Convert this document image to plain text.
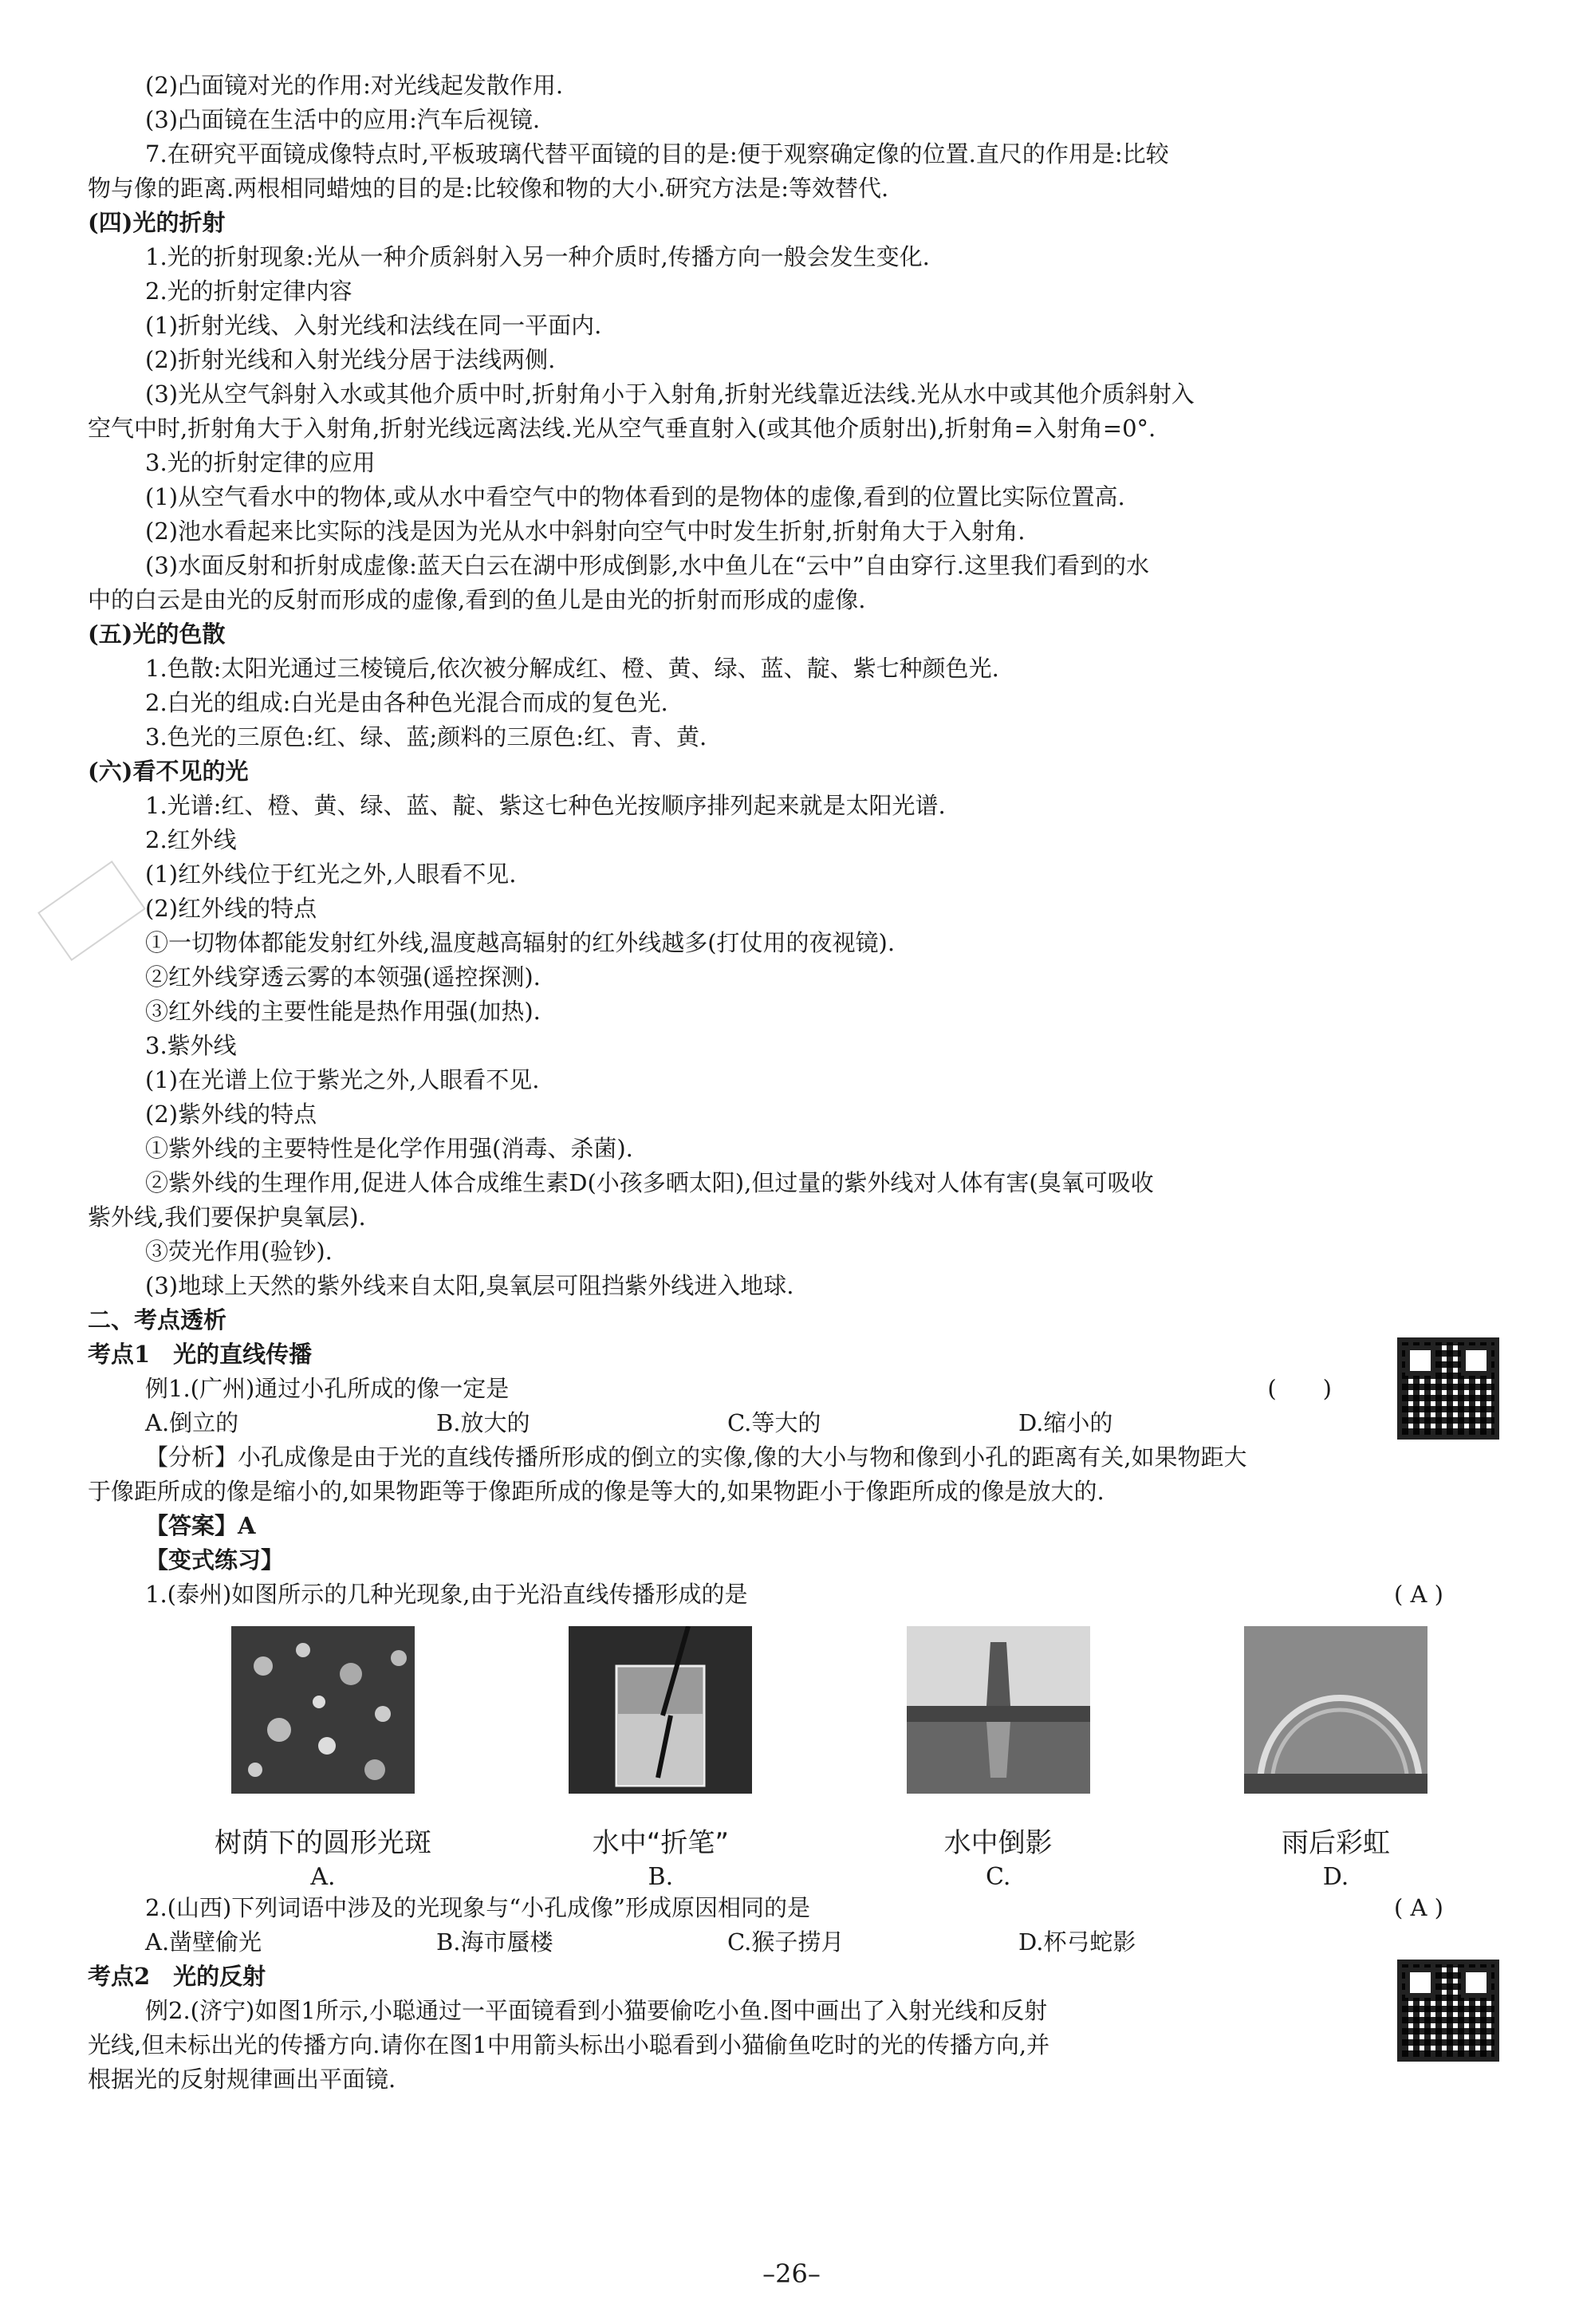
(2)凸面镜对光的作用:对光线起发散作用.
(3)凸面镜在生活中的应用:汽车后视镜.
7.在研究平面镜成像特点时,平板玻璃代替平面镜的目的是:便于观察确定像的位置.直尺的作用是:比较
物与像的距离.两根相同蜡烛的目的是:比较像和物的大小.研究方法是:等效替代.
(四)光的折射
1.光的折射现象:光从一种介质斜射入另一种介质时,传播方向一般会发生变化.
2.光的折射定律内容
(1)折射光线、入射光线和法线在同一平面内.
(2)折射光线和入射光线分居于法线两侧.
(3)光从空气斜射入水或其他介质中时,折射角小于入射角,折射光线靠近法线.光从水中或其他介质斜射入
空气中时,折射角大于入射角,折射光线远离法线.光从空气垂直射入(或其他介质射出),折射角=入射角=0°.
3.光的折射定律的应用
(1)从空气看水中的物体,或从水中看空气中的物体看到的是物体的虚像,看到的位置比实际位置高.
(2)池水看起来比实际的浅是因为光从水中斜射向空气中时发生折射,折射角大于入射角.
(3)水面反射和折射成虚像:蓝天白云在湖中形成倒影,水中鱼儿在“云中”自由穿行.这里我们看到的水
中的白云是由光的反射而形成的虚像,看到的鱼儿是由光的折射而形成的虚像.
(五)光的色散
1.色散:太阳光通过三棱镜后,依次被分解成红、橙、黄、绿、蓝、靛、紫七种颜色光.
2.白光的组成:白光是由各种色光混合而成的复色光.
3.色光的三原色:红、绿、蓝;颜料的三原色:红、青、黄.
(六)看不见的光
1.光谱:红、橙、黄、绿、蓝、靛、紫这七种色光按顺序排列起来就是太阳光谱.
2.红外线
(1)红外线位于红光之外,人眼看不见.
(2)红外线的特点
①一切物体都能发射红外线,温度越高辐射的红外线越多(打仗用的夜视镜).
②红外线穿透云雾的本领强(遥控探测).
③红外线的主要性能是热作用强(加热).
3.紫外线
(1)在光谱上位于紫光之外,人眼看不见.
(2)紫外线的特点
①紫外线的主要特性是化学作用强(消毒、杀菌).
②紫外线的生理作用,促进人体合成维生素D(小孩多晒太阳),但过量的紫外线对人体有害(臭氧可吸收
紫外线,我们要保护臭氧层).
③荧光作用(验钞).
(3)地球上天然的紫外线来自太阳,臭氧层可阻挡紫外线进入地球.
二、考点透析
考点1　光的直线传播
例1.(广州)通过小孔所成的像一定是	(　　)
A.倒立的	B.放大的	C.等大的	D.缩小的
【分析】小孔成像是由于光的直线传播所形成的倒立的实像,像的大小与物和像到小孔的距离有关,如果物距大
于像距所成的像是缩小的,如果物距等于像距所成的像是等大的,如果物距小于像距所成的像是放大的.
【答案】A
【变式练习】
1.(泰州)如图所示的几种光现象,由于光沿直线传播形成的是	( A )
树荫下的圆形光斑
A.
水中“折笔”
B.
水中倒影
C.
雨后彩虹
D.
2.(山西)下列词语中涉及的光现象与“小孔成像”形成原因相同的是	( A )
A.凿壁偷光	B.海市蜃楼	C.猴子捞月	D.杯弓蛇影
考点2　光的反射
例2.(济宁)如图1所示,小聪通过一平面镜看到小猫要偷吃小鱼.图中画出了入射光线和反射
光线,但未标出光的传播方向.请你在图1中用箭头标出小聪看到小猫偷鱼吃时的光的传播方向,并
根据光的反射规律画出平面镜.
–26–
